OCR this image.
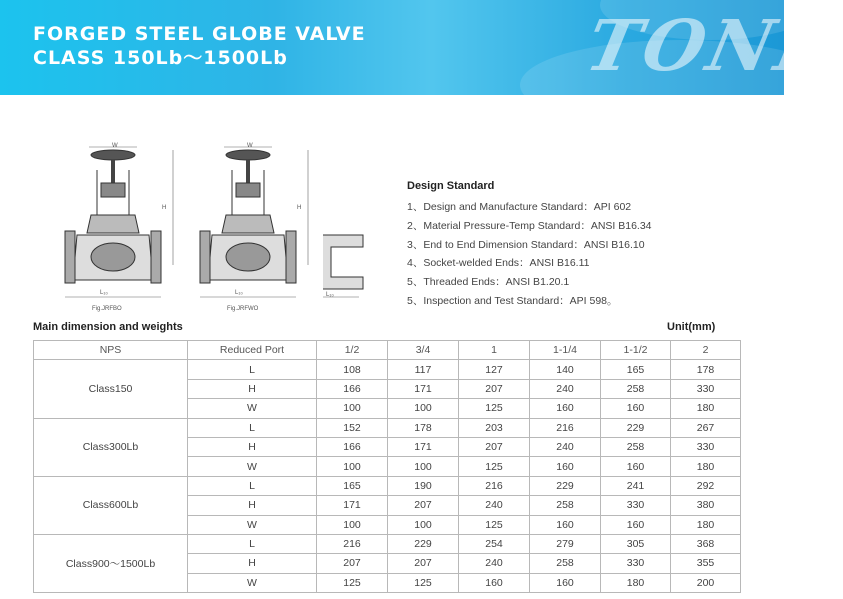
FORGED STEEL GLOBE VALVE
CLASS 150Lb～1500Lb	TONE
W
H
L₁₀
Fig.JRFBO
W
H
L₁₀
Fig.JRFWO
L₁₀
Design Standard
1、Design and Manufacture Standard：API 602
2、Material Pressure-Temp Standard：ANSI B16.34
3、End to End Dimension Standard：ANSI B16.10
4、Socket-welded Ends：ANSI B16.11
5、Threaded Ends：ANSI B1.20.1
5、Inspection and Test Standard：API 598。
Main dimension and weights	Unit(mm)
NPS	Reduced Port	1/2	3/4	1	1-1/4	1-1/2	2
Class150	L	108	117	127	140	165	178
	H	166	171	207	240	258	330
	W	100	100	125	160	160	180
Class300Lb	L	152	178	203	216	229	267
	H	166	171	207	240	258	330
	W	100	100	125	160	160	180
Class600Lb	L	165	190	216	229	241	292
	H	171	207	240	258	330	380
	W	100	100	125	160	160	180
Class900～1500Lb	L	216	229	254	279	305	368
	H	207	207	240	258	330	355
	W	125	125	160	160	180	200
